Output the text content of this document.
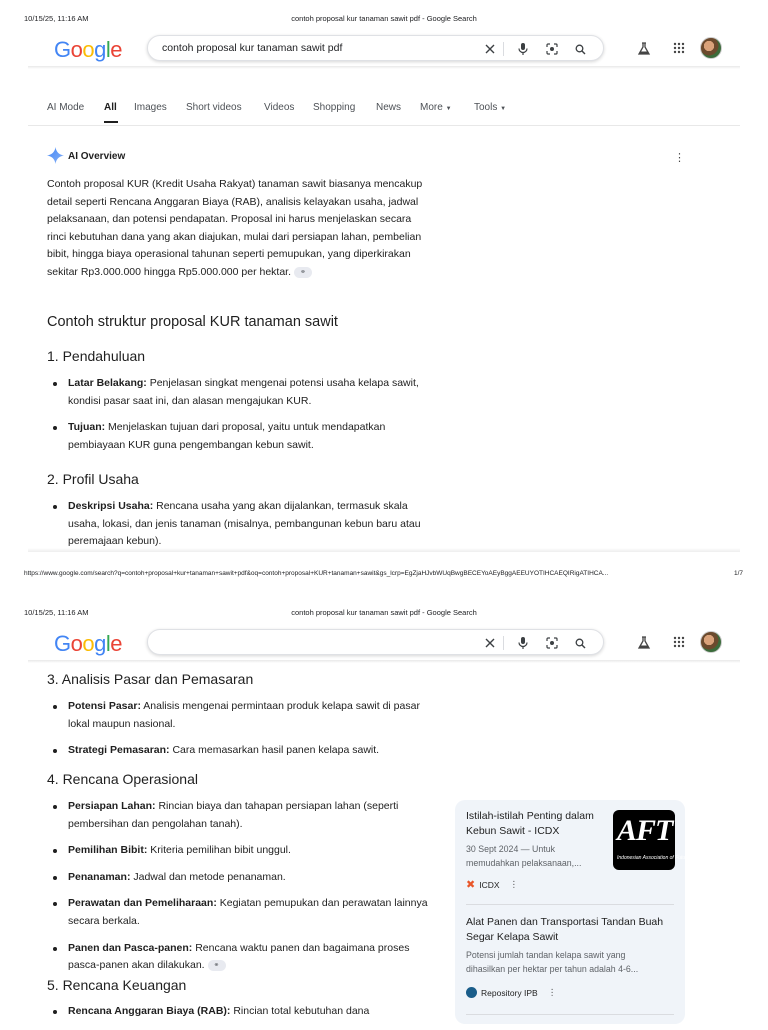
10/15/25, 11:16 AM	contoh proposal kur tanaman sawit pdf - Google Search
Google	contoh proposal kur tanaman sawit pdf
AI Mode All Images Short videos Videos Shopping News More ▼ Tools ▼
AI Overview	⋮
Contoh proposal KUR (Kredit Usaha Rakyat) tanaman sawit biasanya mencakup detail seperti Rencana Anggaran Biaya (RAB), analisis kelayakan usaha, jadwal pelaksanaan, dan potensi pendapatan. Proposal ini harus menjelaskan secara rinci kebutuhan dana yang akan diajukan, mulai dari persiapan lahan, pembelian bibit, hingga biaya operasional tahunan seperti pemupukan, yang diperkirakan sekitar Rp3.000.000 hingga Rp5.000.000 per hektar. ⚭
Contoh struktur proposal KUR tanaman sawit
1. Pendahuluan
Latar Belakang: Penjelasan singkat mengenai potensi usaha kelapa sawit, kondisi pasar saat ini, dan alasan mengajukan KUR.
Tujuan: Menjelaskan tujuan dari proposal, yaitu untuk mendapatkan pembiayaan KUR guna pengembangan kebun sawit.
2. Profil Usaha
Deskripsi Usaha: Rencana usaha yang akan dijalankan, termasuk skala usaha, lokasi, dan jenis tanaman (misalnya, pembangunan kebun baru atau peremajaan kebun).
https://www.google.com/search?q=contoh+proposal+kur+tanaman+sawit+pdf&oq=contoh+proposal+KUR+tanaman+sawit&gs_lcrp=EgZjaHJvbWUqBwgBECEYoAEyBggAEEUYOTIHCAEQIRigATIHCA...	1/7
10/15/25, 11:16 AM	contoh proposal kur tanaman sawit pdf - Google Search
Google
3. Analisis Pasar dan Pemasaran
Potensi Pasar: Analisis mengenai permintaan produk kelapa sawit di pasar lokal maupun nasional.
Strategi Pemasaran: Cara memasarkan hasil panen kelapa sawit.
4. Rencana Operasional
Persiapan Lahan: Rincian biaya dan tahapan persiapan lahan (seperti pembersihan dan pengolahan tanah).
Pemilihan Bibit: Kriteria pemilihan bibit unggul.
Penanaman: Jadwal dan metode penanaman.
Perawatan dan Pemeliharaan: Kegiatan pemupukan dan perawatan lainnya secara berkala.
Panen dan Pasca-panen: Rencana waktu panen dan bagaimana proses pasca-panen akan dilakukan. ⚭
5. Rencana Keuangan
Rencana Anggaran Biaya (RAB): Rincian total kebutuhan dana
Istilah-istilah Penting dalam Kebun Sawit - ICDX
30 Sept 2024 — Untuk
memudahkan pelaksanaan,...
✖ ICDX ⋮
AFT
Indonesian Association of Futures Market
Alat Panen dan Transportasi Tandan Buah Segar Kelapa Sawit
Potensi jumlah tandan kelapa sawit yang
dihasilkan per hektar per tahun adalah 4-6...
Repository IPB ⋮
